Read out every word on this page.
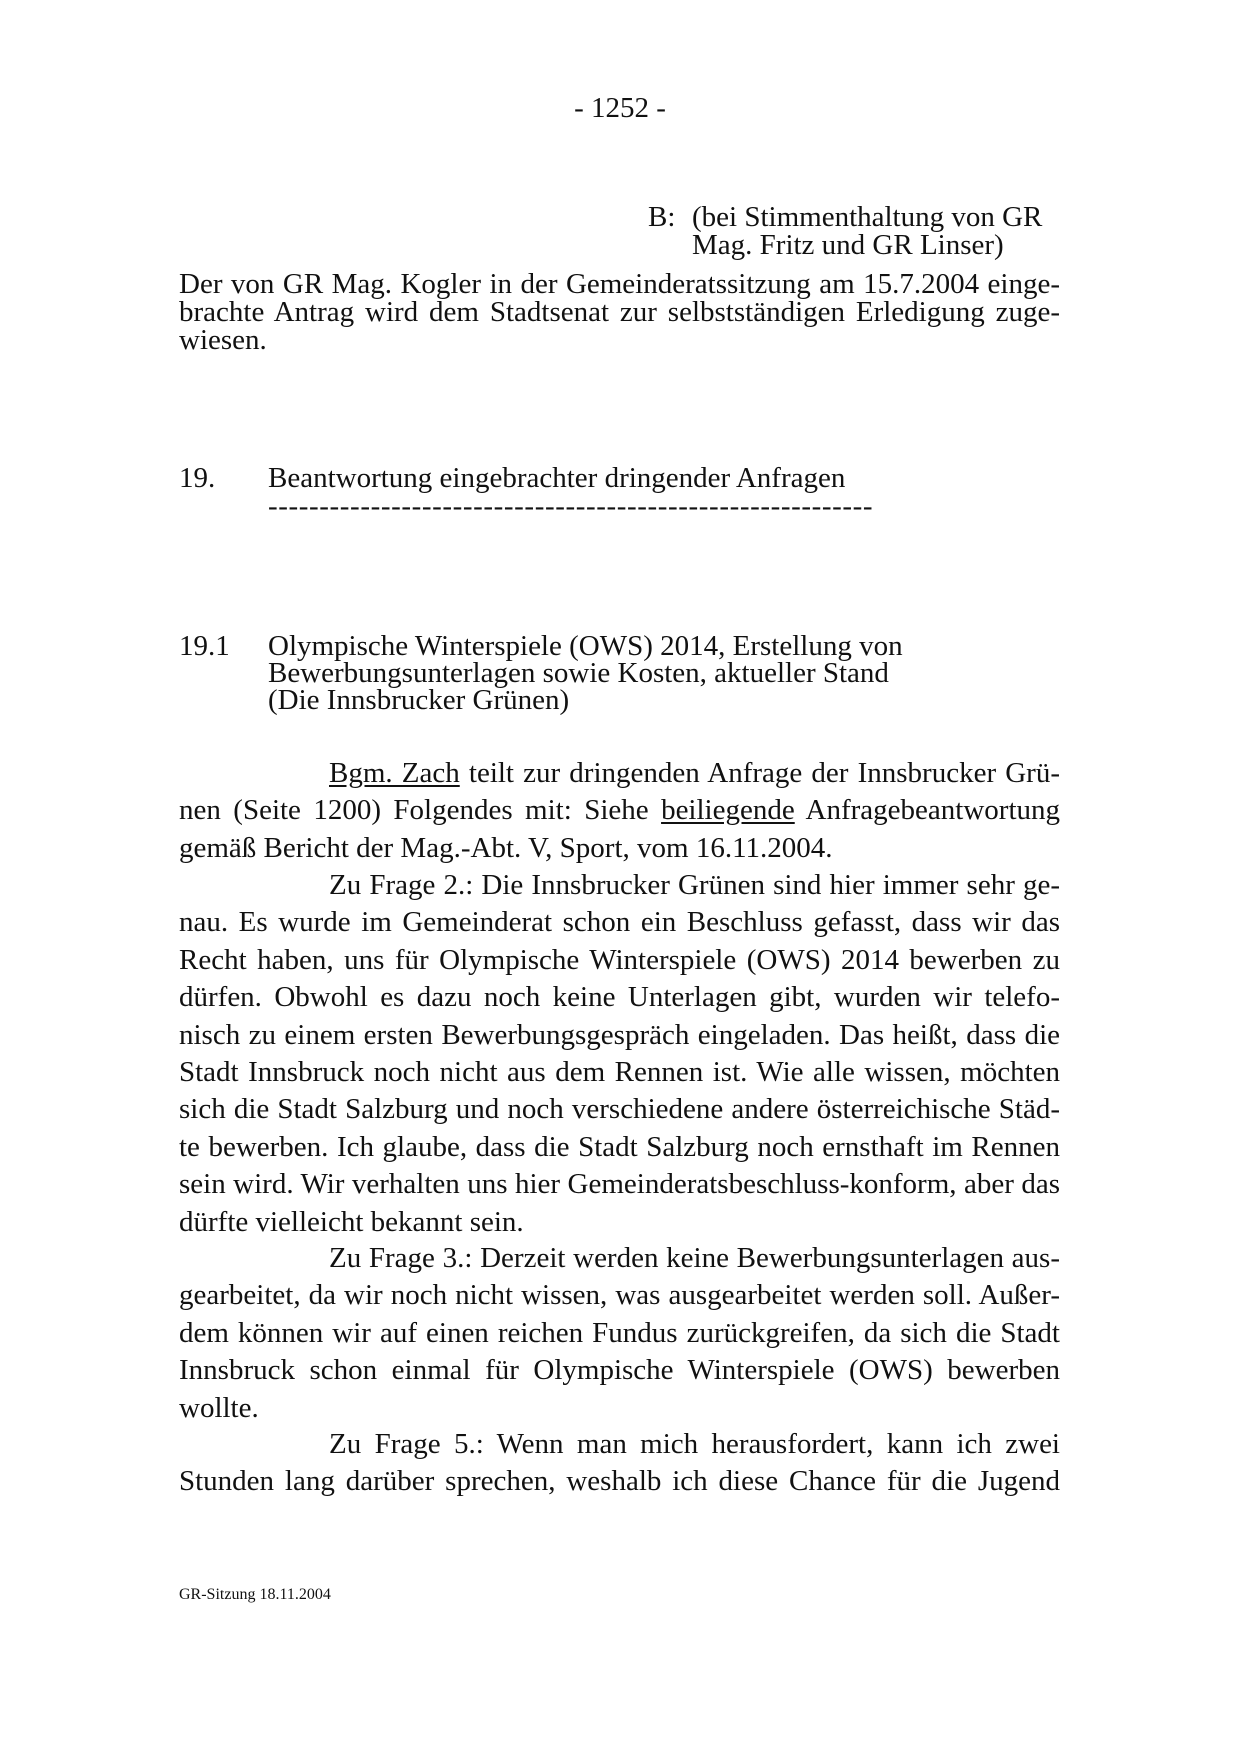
- 1252 -
B: (bei Stimmenthaltung von GR
Mag. Fritz und GR Linser)
Der von GR Mag. Kogler in der Gemeinderatssitzung am 15.7.2004 einge-
brachte Antrag wird dem Stadtsenat zur selbstständigen Erledigung zuge-
wiesen.
19. Beantwortung eingebrachter dringender Anfragen
-----------------------------------------------------------
19.1 Olympische Winterspiele (OWS) 2014, Erstellung von
Bewerbungsunterlagen sowie Kosten, aktueller Stand
(Die Innsbrucker Grünen)

Bgm. Zach teilt zur dringenden Anfrage der Innsbrucker Grü-nen (Seite 1200) Folgendes mit: Siehe beiliegende Anfragebeantwortung gemäß Bericht der Mag.-Abt. V, Sport, vom 16.11.2004.

Zu Frage 2.: Die Innsbrucker Grünen sind hier immer sehr ge-nau. Es wurde im Gemeinderat schon ein Beschluss gefasst, dass wir das Recht haben, uns für Olympische Winterspiele (OWS) 2014 bewerben zu dürfen. Obwohl es dazu noch keine Unterlagen gibt, wurden wir telefo-nisch zu einem ersten Bewerbungsgespräch eingeladen. Das heißt, dass die Stadt Innsbruck noch nicht aus dem Rennen ist. Wie alle wissen, möchten sich die Stadt Salzburg und noch verschiedene andere österreichische Städ-te bewerben. Ich glaube, dass die Stadt Salzburg noch ernsthaft im Rennen sein wird. Wir verhalten uns hier Gemeinderatsbeschluss-konform, aber das dürfte vielleicht bekannt sein.

Zu Frage 3.: Derzeit werden keine Bewerbungsunterlagen aus-gearbeitet, da wir noch nicht wissen, was ausgearbeitet werden soll. Außer-dem können wir auf einen reichen Fundus zurückgreifen, da sich die Stadt Innsbruck schon einmal für Olympische Winterspiele (OWS) bewerben wollte.

Zu Frage 5.: Wenn man mich herausfordert, kann ich zwei Stunden lang darüber sprechen, weshalb ich diese Chance für die Jugend

GR-Sitzung 18.11.2004
